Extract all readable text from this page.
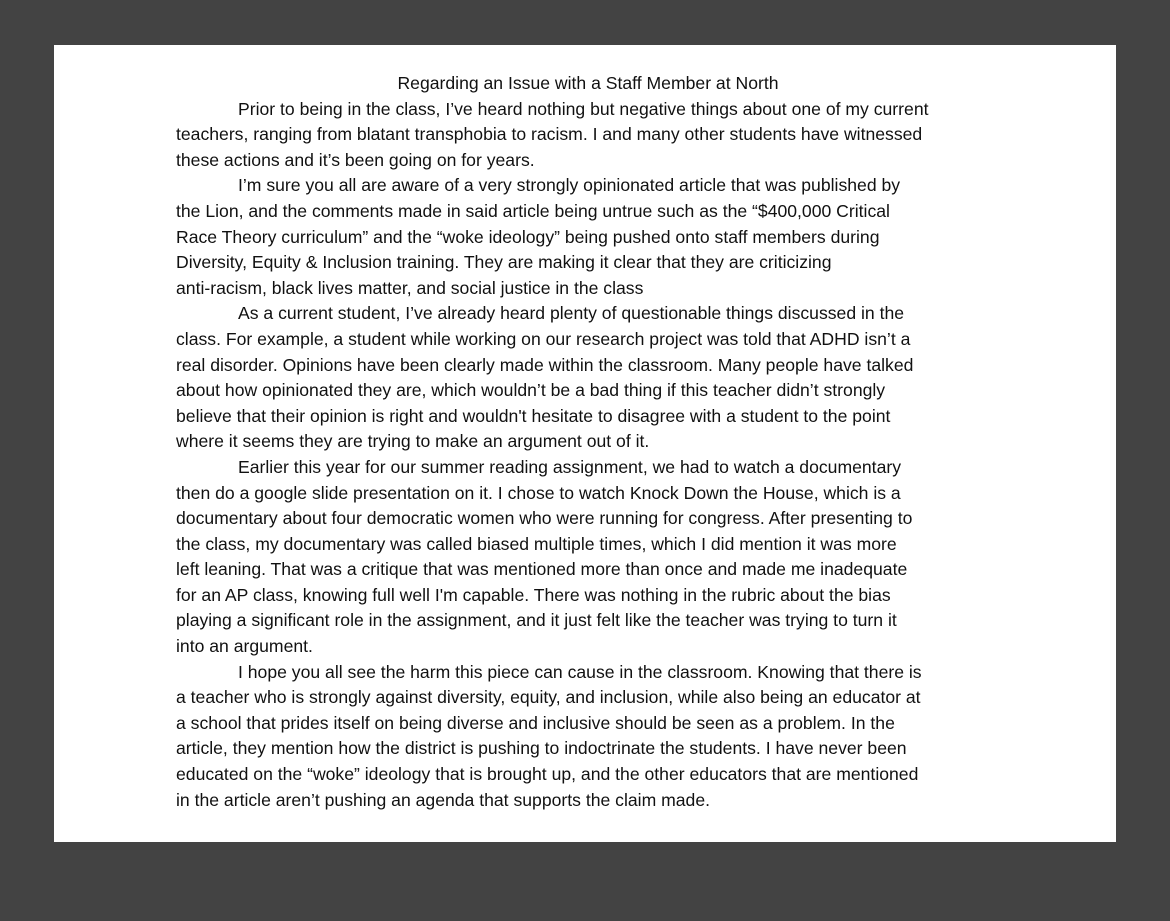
Regarding an Issue with a Staff Member at North
Prior to being in the class, I’ve heard nothing but negative things about one of my current
teachers, ranging from blatant transphobia to racism. I and many other students have witnessed
these actions and it’s been going on for years.
I’m sure you all are aware of a very strongly opinionated article that was published by
the Lion, and the comments made in said article being untrue such as the “$400,000 Critical
Race Theory curriculum” and the “woke ideology” being pushed onto staff members during
Diversity, Equity & Inclusion training. They are making it clear that they are criticizing
anti-racism, black lives matter, and social justice in the class
As a current student, I’ve already heard plenty of questionable things discussed in the
class. For example, a student while working on our research project was told that ADHD isn’t a
real disorder. Opinions have been clearly made within the classroom. Many people have talked
about how opinionated they are, which wouldn’t be a bad thing if this teacher didn’t strongly
believe that their opinion is right and wouldn't hesitate to disagree with a student to the point
where it seems they are trying to make an argument out of it.
Earlier this year for our summer reading assignment, we had to watch a documentary
then do a google slide presentation on it. I chose to watch Knock Down the House, which is a
documentary about four democratic women who were running for congress. After presenting to
the class, my documentary was called biased multiple times, which I did mention it was more
left leaning. That was a critique that was mentioned more than once and made me inadequate
for an AP class, knowing full well I'm capable. There was nothing in the rubric about the bias
playing a significant role in the assignment, and it just felt like the teacher was trying to turn it
into an argument.
I hope you all see the harm this piece can cause in the classroom. Knowing that there is
a teacher who is strongly against diversity, equity, and inclusion, while also being an educator at
a school that prides itself on being diverse and inclusive should be seen as a problem. In the
article, they mention how the district is pushing to indoctrinate the students. I have never been
educated on the “woke” ideology that is brought up, and the other educators that are mentioned
in the article aren’t pushing an agenda that supports the claim made.
